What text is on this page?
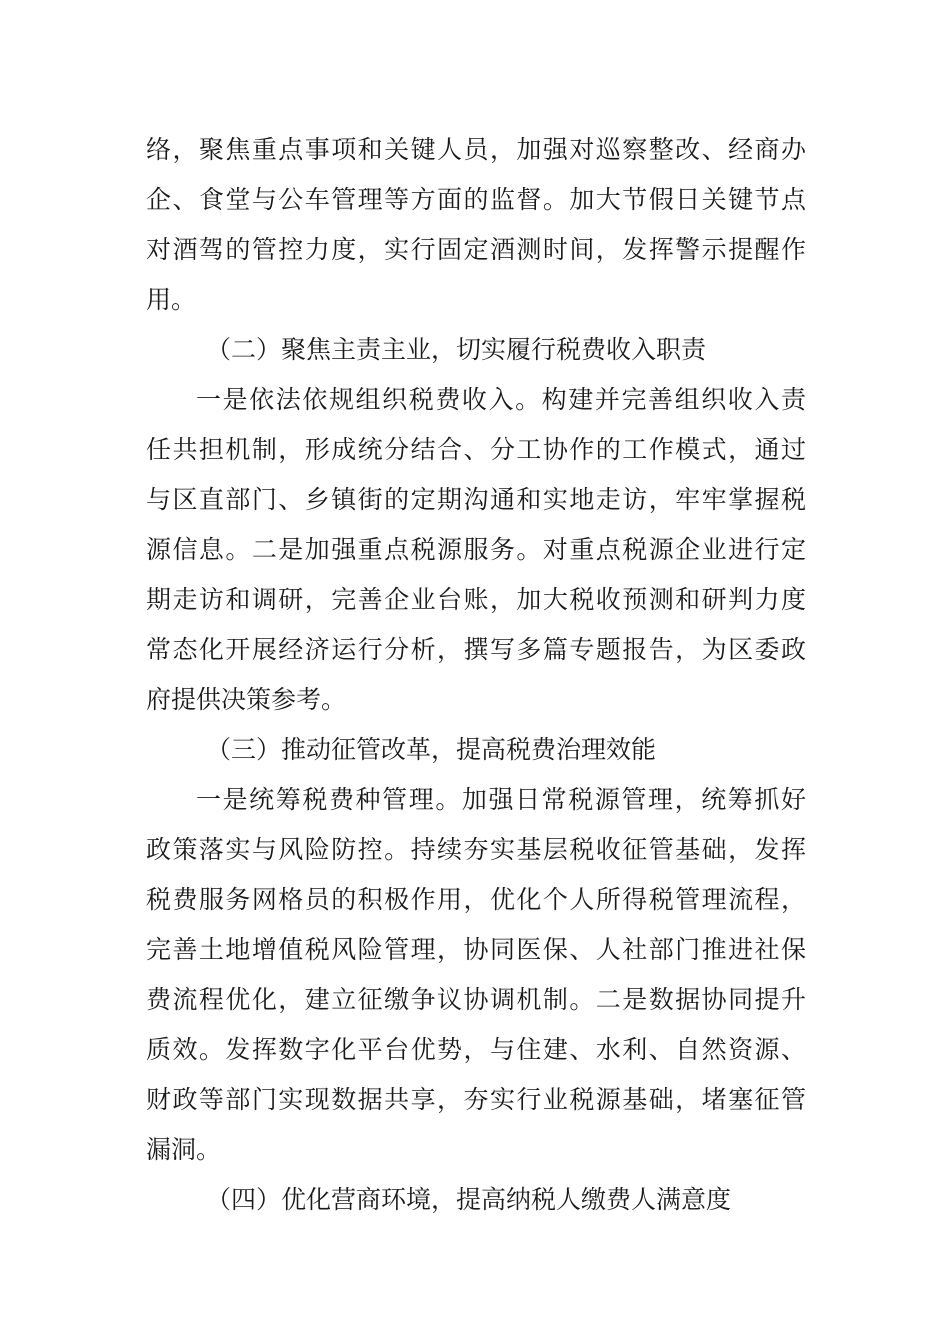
络，聚焦重点事项和关键人员，加强对巡察整改、经商办
企、食堂与公车管理等方面的监督。加大节假日关键节点
对酒驾的管控力度，实行固定酒测时间，发挥警示提醒作
用。
（二）聚焦主责主业，切实履行税费收入职责
一是依法依规组织税费收入。构建并完善组织收入责
任共担机制，形成统分结合、分工协作的工作模式，通过
与区直部门、乡镇街的定期沟通和实地走访，牢牢掌握税
源信息。二是加强重点税源服务。对重点税源企业进行定
期走访和调研，完善企业台账，加大税收预测和研判力度
常态化开展经济运行分析，撰写多篇专题报告，为区委政
府提供决策参考。
（三）推动征管改革，提高税费治理效能
一是统筹税费种管理。加强日常税源管理，统筹抓好
政策落实与风险防控。持续夯实基层税收征管基础，发挥
税费服务网格员的积极作用，优化个人所得税管理流程，
完善土地增值税风险管理，协同医保、人社部门推进社保
费流程优化，建立征缴争议协调机制。二是数据协同提升
质效。发挥数字化平台优势，与住建、水利、自然资源、
财政等部门实现数据共享，夯实行业税源基础，堵塞征管
漏洞。
（四）优化营商环境，提高纳税人缴费人满意度
